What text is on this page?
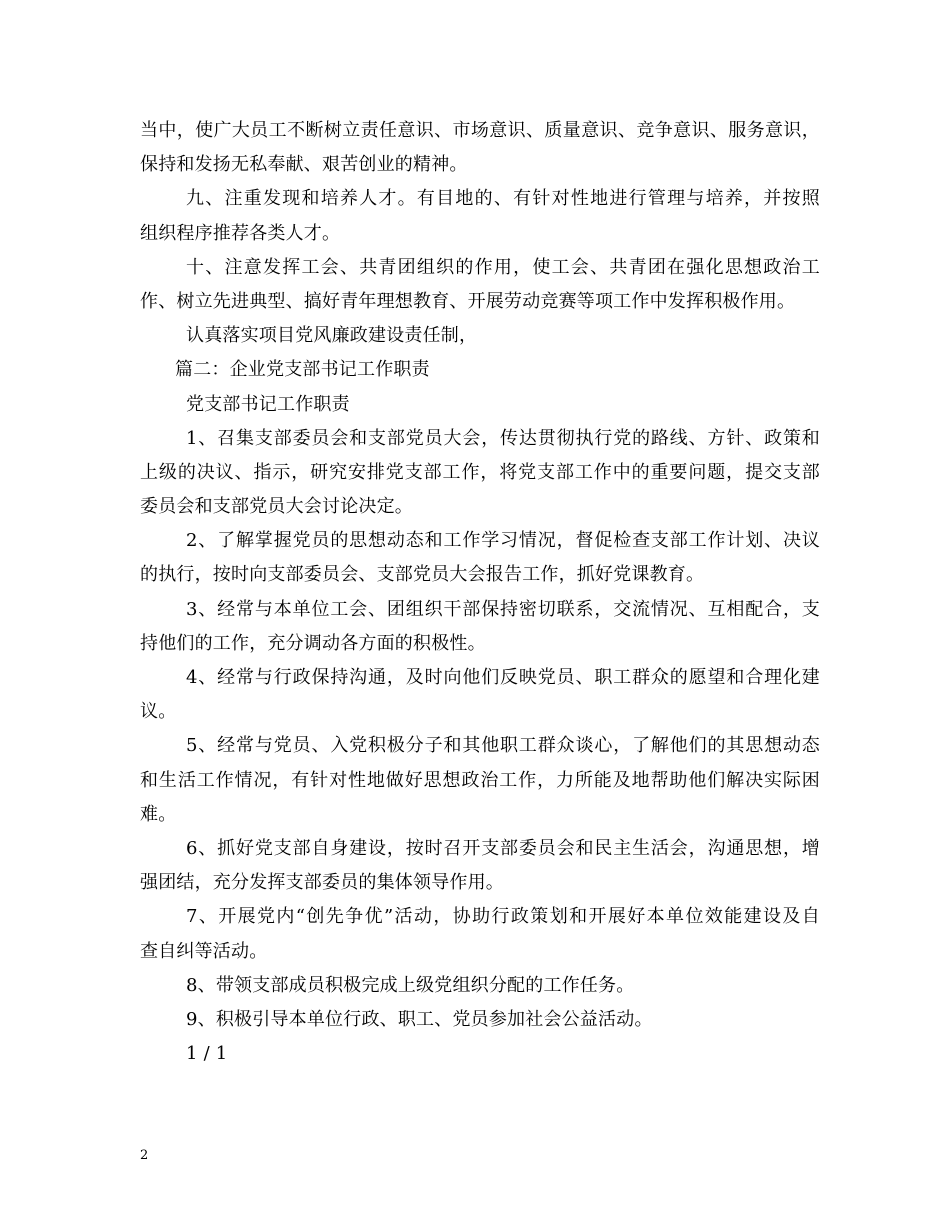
当中，使广大员工不断树立责任意识、市场意识、质量意识、竞争意识、服务意识，
保持和发扬无私奉献、艰苦创业的精神。
九、注重发现和培养人才。有目地的、有针对性地进行管理与培养，并按照
组织程序推荐各类人才。
十、注意发挥工会、共青团组织的作用，使工会、共青团在强化思想政治工
作、树立先进典型、搞好青年理想教育、开展劳动竞赛等项工作中发挥积极作用。
认真落实项目党风廉政建设责任制，
篇二：企业党支部书记工作职责
党支部书记工作职责
1、召集支部委员会和支部党员大会，传达贯彻执行党的路线、方针、政策和
上级的决议、指示，研究安排党支部工作，将党支部工作中的重要问题，提交支部
委员会和支部党员大会讨论决定。
2、了解掌握党员的思想动态和工作学习情况，督促检查支部工作计划、决议
的执行，按时向支部委员会、支部党员大会报告工作，抓好党课教育。
3、经常与本单位工会、团组织干部保持密切联系，交流情况、互相配合，支
持他们的工作，充分调动各方面的积极性。
4、经常与行政保持沟通，及时向他们反映党员、职工群众的愿望和合理化建
议。
5、经常与党员、入党积极分子和其他职工群众谈心，了解他们的其思想动态
和生活工作情况，有针对性地做好思想政治工作，力所能及地帮助他们解决实际困
难。
6、抓好党支部自身建设，按时召开支部委员会和民主生活会，沟通思想，增
强团结，充分发挥支部委员的集体领导作用。
7、开展党内“创先争优”活动，协助行政策划和开展好本单位效能建设及自
查自纠等活动。
8、带领支部成员积极完成上级党组织分配的工作任务。
9、积极引导本单位行政、职工、党员参加社会公益活动。
1 / 1
2
